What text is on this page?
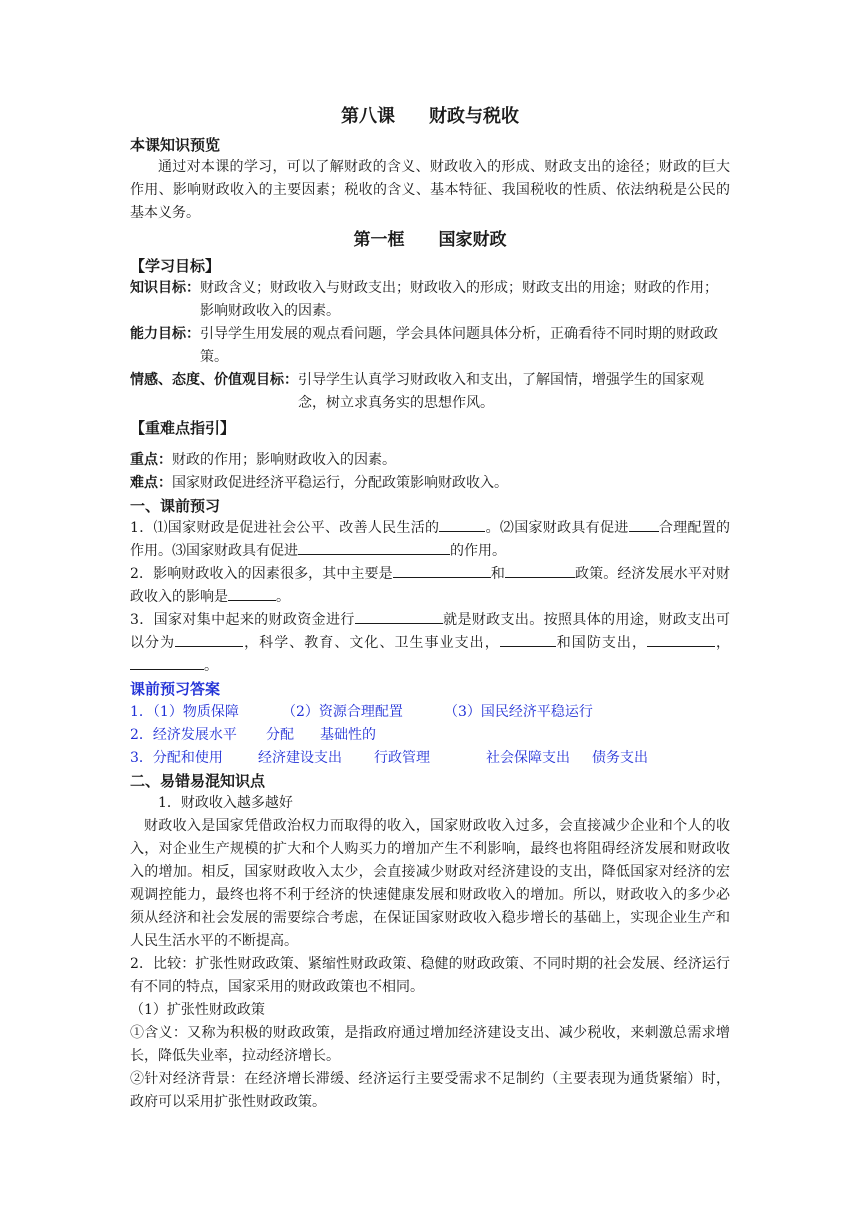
第八课 财政与税收
本课知识预览

通过对本课的学习，可以了解财政的含义、财政收入的形成、财政支出的途径；财政的巨大作用、影响财政收入的主要因素；税收的含义、基本特征、我国税收的性质、依法纳税是公民的基本义务。

第一框 国家财政
【学习目标】
知识目标： 财政含义；财政收入与财政支出；财政收入的形成；财政支出的用途；财政的作用；影响财政收入的因素。
能力目标： 引导学生用发展的观点看问题，学会具体问题具体分析，正确看待不同时期的财政政策。
情感、态度、价值观目标： 引导学生认真学习财政收入和支出，了解国情，增强学生的国家观念，树立求真务实的思想作风。
【重难点指引】

重点：财政的作用；影响财政收入的因素。

难点：国家财政促进经济平稳运行，分配政策影响财政收入。

一、课前预习

1．⑴国家财政是促进社会公平、改善人民生活的	。⑵国家财政具有促进 合理配置的作用。⑶国家财政具有促进	的作用。

2．影响财政收入的因素很多，其中主要是	和	政策。经济发展水平对财政收入的影响是	。

3．国家对集中起来的财政资金进行	就是财政支出。按照具体的用途，财政支出可以分为	，科学、教育、文化、卫生事业支出，	和国防支出，	，。

课前预习答案
1．（1）物质保障	（2）资源合理配置	（3）国民经济平稳运行
2．经济发展水平 分配 基础性的
3．分配和使用	经济建设支出 行政管理	社会保障支出 债务支出
二、易错易混知识点

1．财政收入越多越好

财政收入是国家凭借政治权力而取得的收入，国家财政收入过多，会直接减少企业和个人的收入，对企业生产规模的扩大和个人购买力的增加产生不利影响，最终也将阻碍经济发展和财政收入的增加。相反，国家财政收入太少，会直接减少财政对经济建设的支出，降低国家对经济的宏观调控能力，最终也将不利于经济的快速健康发展和财政收入的增加。所以，财政收入的多少必须从经济和社会发展的需要综合考虑，在保证国家财政收入稳步增长的基础上，实现企业生产和人民生活水平的不断提高。

2．比较：扩张性财政政策、紧缩性财政政策、稳健的财政政策、不同时期的社会发展、经济运行有不同的特点，国家采用的财政政策也不相同。

（1）扩张性财政政策

①含义：又称为积极的财政政策，是指政府通过增加经济建设支出、减少税收，来刺激总需求增长，降低失业率，拉动经济增长。

②针对经济背景：在经济增长滞缓、经济运行主要受需求不足制约（主要表现为通货紧缩）时，政府可以采用扩张性财政政策。
